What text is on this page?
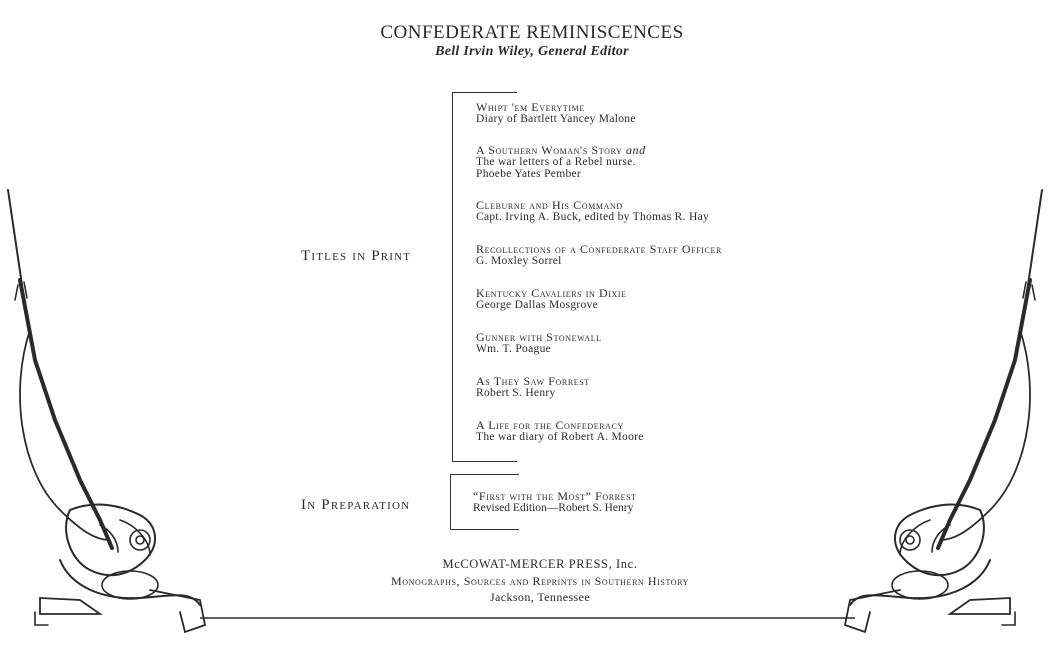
CONFEDERATE REMINISCENCES
Bell Irvin Wiley, General Editor
Titles in Print
Whipt 'em Everytime
Diary of Bartlett Yancey Malone
A Southern Woman's Story and
The war letters of a Rebel nurse.
Phoebe Yates Pember
Cleburne and His Command
Capt. Irving A. Buck, edited by Thomas R. Hay
Recollections of a Confederate Staff Officer
G. Moxley Sorrel
Kentucky Cavaliers in Dixie
George Dallas Mosgrove
Gunner with Stonewall
Wm. T. Poague
As They Saw Forrest
Robert S. Henry
A Life for the Confederacy
The war diary of Robert A. Moore
In Preparation
“First with the Most” Forrest
Revised Edition—Robert S. Henry
McCOWAT-MERCER PRESS, Inc.
Monographs, Sources and Reprints in Southern History
Jackson, Tennessee
